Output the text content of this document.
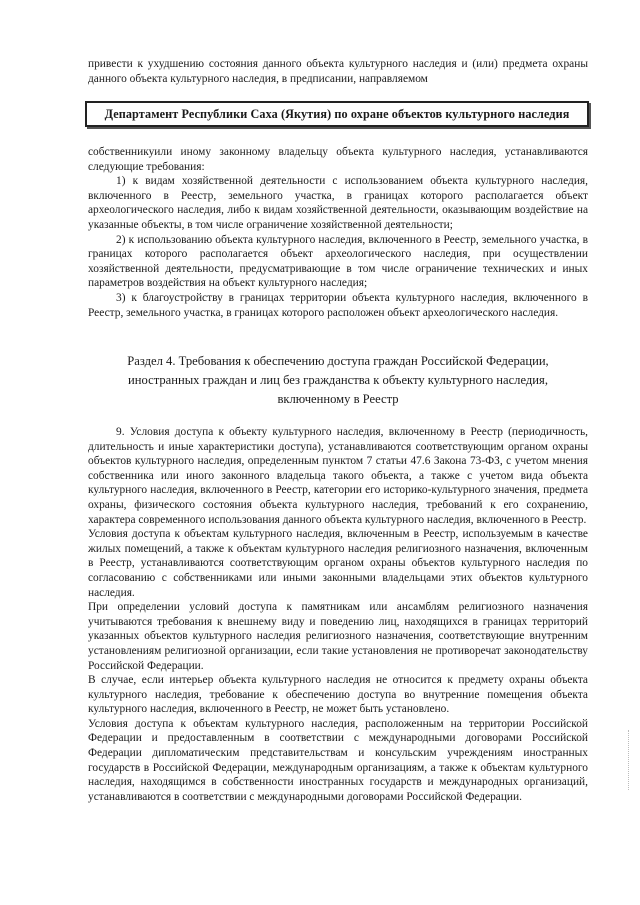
привести к ухудшению состояния данного объекта культурного наследия и (или) предмета охраны данного объекта культурного наследия, в предписании, направляемом

Департамент Республики Саха (Якутия) по охране объектов культурного наследия

собственникуили иному законному владельцу объекта культурного наследия, устанавливаются следующие требования:

1) к видам хозяйственной деятельности с использованием объекта культурного наследия, включенного в Реестр, земельного участка, в границах которого располагается объект археологического наследия, либо к видам хозяйственной деятельности, оказывающим воздействие на указанные объекты, в том числе ограничение хозяйственной деятельности;

2) к использованию объекта культурного наследия, включенного в Реестр, земельного участка, в границах которого располагается объект археологического наследия, при осуществлении хозяйственной деятельности, предусматривающие в том числе ограничение технических и иных параметров воздействия на объект культурного наследия;

3) к благоустройству в границах территории объекта культурного наследия, включенного в Реестр, земельного участка, в границах которого расположен объект археологического наследия.

Раздел 4. Требования к обеспечению доступа граждан Российской Федерации,
иностранных граждан и лиц без гражданства к объекту культурного наследия,
включенному в Реестр

9. Условия доступа к объекту культурного наследия, включенному в Реестр (периодичность, длительность и иные характеристики доступа), устанавливаются соответствующим органом охраны объектов культурного наследия, определенным пунктом 7 статьи 47.6 Закона 73-ФЗ, с учетом мнения собственника или иного законного владельца такого объекта, а также с учетом вида объекта культурного наследия, включенного в Реестр, категории его историко-культурного значения, предмета охраны, физического состояния объекта культурного наследия, требований к его сохранению, характера современного использования данного объекта культурного наследия, включенного в Реестр.

Условия доступа к объектам культурного наследия, включенным в Реестр, используемым в качестве жилых помещений, а также к объектам культурного наследия религиозного назначения, включенным в Реестр, устанавливаются соответствующим органом охраны объектов культурного наследия по согласованию с собственниками или иными законными владельцами этих объектов культурного наследия.

При определении условий доступа к памятникам или ансамблям религиозного назначения учитываются требования к внешнему виду и поведению лиц, находящихся в границах территорий указанных объектов культурного наследия религиозного назначения, соответствующие внутренним установлениям религиозной организации, если такие установления не противоречат законодательству Российской Федерации.

В случае, если интерьер объекта культурного наследия не относится к предмету охраны объекта культурного наследия, требование к обеспечению доступа во внутренние помещения объекта культурного наследия, включенного в Реестр, не может быть установлено.

Условия доступа к объектам культурного наследия, расположенным на территории Российской Федерации и предоставленным в соответствии с международными договорами Российской Федерации дипломатическим представительствам и консульским учреждениям иностранных государств в Российской Федерации, международным организациям, а также к объектам культурного наследия, находящимся в собственности иностранных государств и международных организаций, устанавливаются в соответствии с международными договорами Российской Федерации.
